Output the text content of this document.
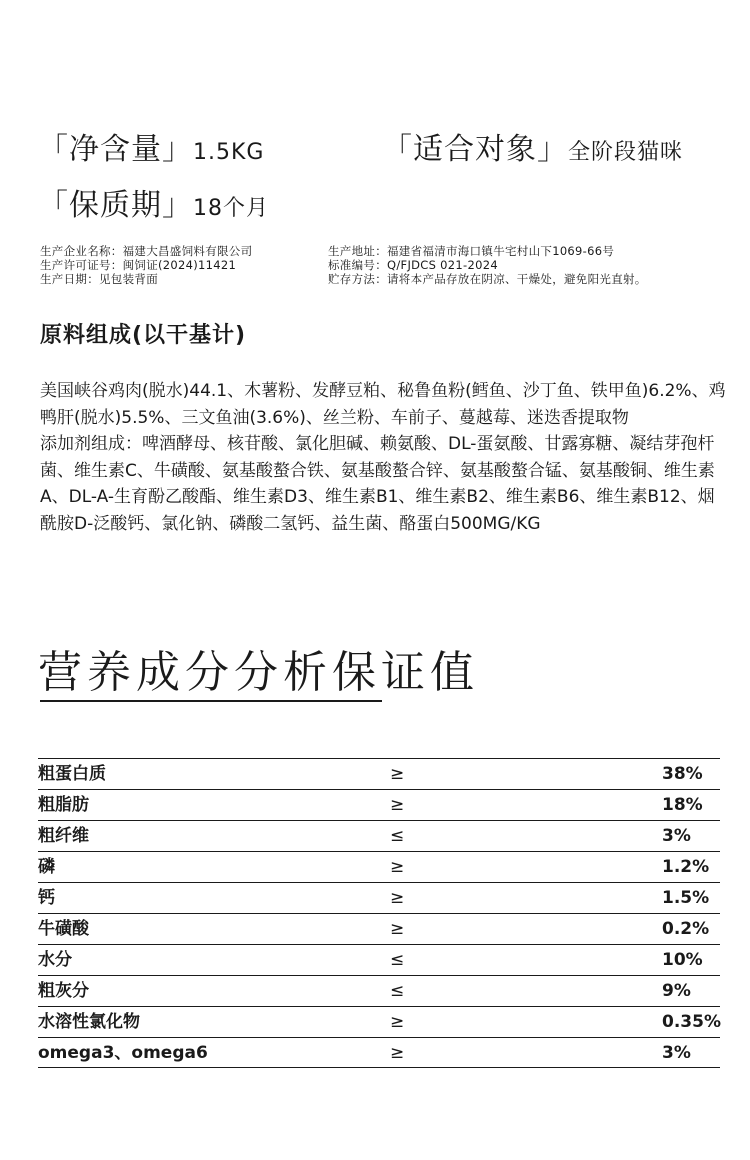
「净含量」1.5KG	「适合对象」全阶段猫咪
「保质期」18个月
生产企业名称：福建大昌盛饲料有限公司
生产许可证号：闽饲证(2024)11421
生产日期：见包装背面
生产地址：福建省福清市海口镇牛宅村山下1069-66号
标准编号：Q/FJDCS 021-2024
贮存方法：请将本产品存放在阴凉、干燥处，避免阳光直射。
原料组成(以干基计)

美国峡谷鸡肉(脱水)44.1、木薯粉、发酵豆粕、秘鲁鱼粉(鳕鱼、沙丁鱼、铁甲鱼)6.2%、鸡鸭肝(脱水)5.5%、三文鱼油(3.6%)、丝兰粉、车前子、蔓越莓、迷迭香提取物

添加剂组成：啤酒酵母、核苷酸、氯化胆碱、赖氨酸、DL-蛋氨酸、甘露寡糖、凝结芽孢杆菌、维生素C、牛磺酸、氨基酸螯合铁、氨基酸螯合锌、氨基酸螯合锰、氨基酸铜、维生素A、DL-A-生育酚乙酸酯、维生素D3、维生素B1、维生素B2、维生素B6、维生素B12、烟酰胺D-泛酸钙、氯化钠、磷酸二氢钙、益生菌、酪蛋白500MG/KG

营养成分分析保证值
粗蛋白质	≥	38%
粗脂肪	≥	18%
粗纤维	≤	3%
磷	≥	1.2%
钙	≥	1.5%
牛磺酸	≥	0.2%
水分	≤	10%
粗灰分	≤	9%
水溶性氯化物	≥	0.35%
omega3、omega6	≥	3%
